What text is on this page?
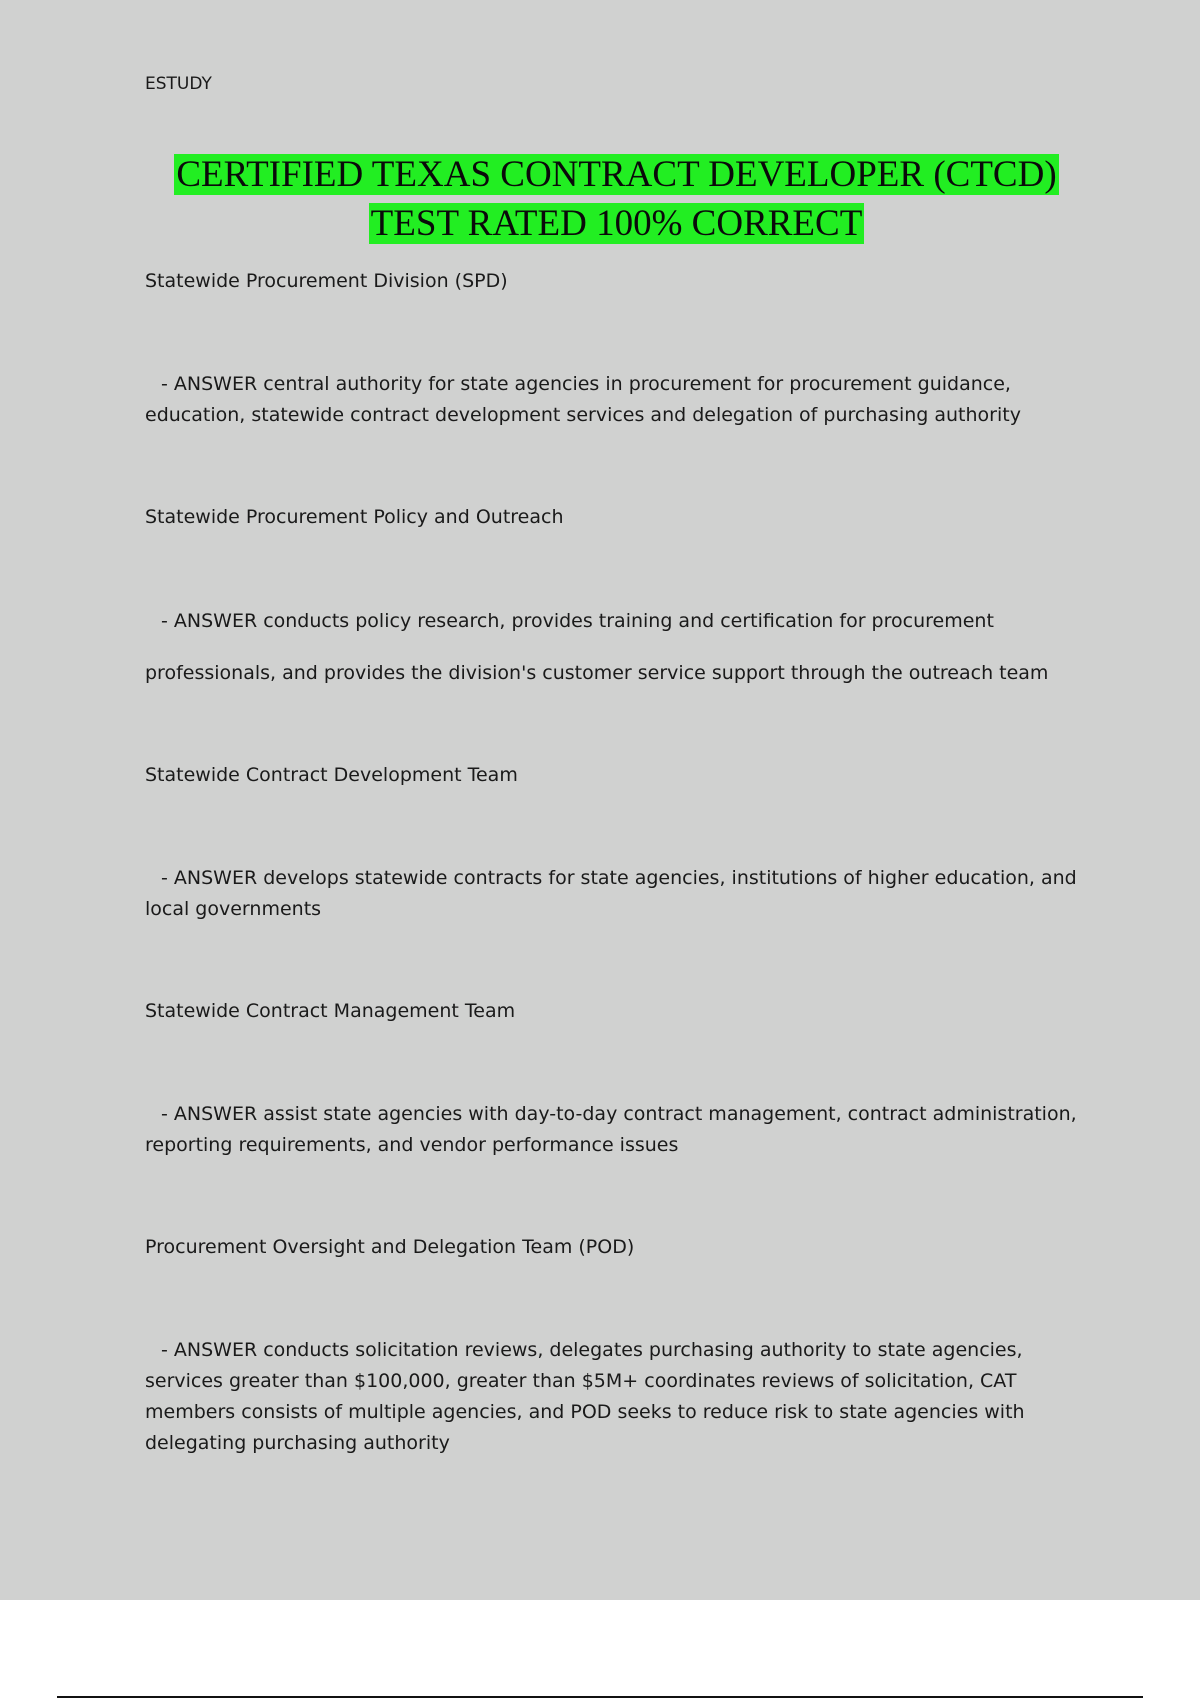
ESTUDY
CERTIFIED TEXAS CONTRACT DEVELOPER (CTCD)
TEST RATED 100% CORRECT
Statewide Procurement Division (SPD)
- ANSWER central authority for state agencies in procurement for procurement guidance, education, statewide contract development services and delegation of purchasing authority
Statewide Procurement Policy and Outreach
- ANSWER conducts policy research, provides training and certification for procurement professionals, and provides the division's customer service support through the outreach team
Statewide Contract Development Team
- ANSWER develops statewide contracts for state agencies, institutions of higher education, and local governments
Statewide Contract Management Team
- ANSWER assist state agencies with day-to-day contract management, contract administration, reporting requirements, and vendor performance issues
Procurement Oversight and Delegation Team (POD)
- ANSWER conducts solicitation reviews, delegates purchasing authority to state agencies, services greater than $100,000, greater than $5M+ coordinates reviews of solicitation, CAT members consists of multiple agencies, and POD seeks to reduce risk to state agencies with delegating purchasing authority
